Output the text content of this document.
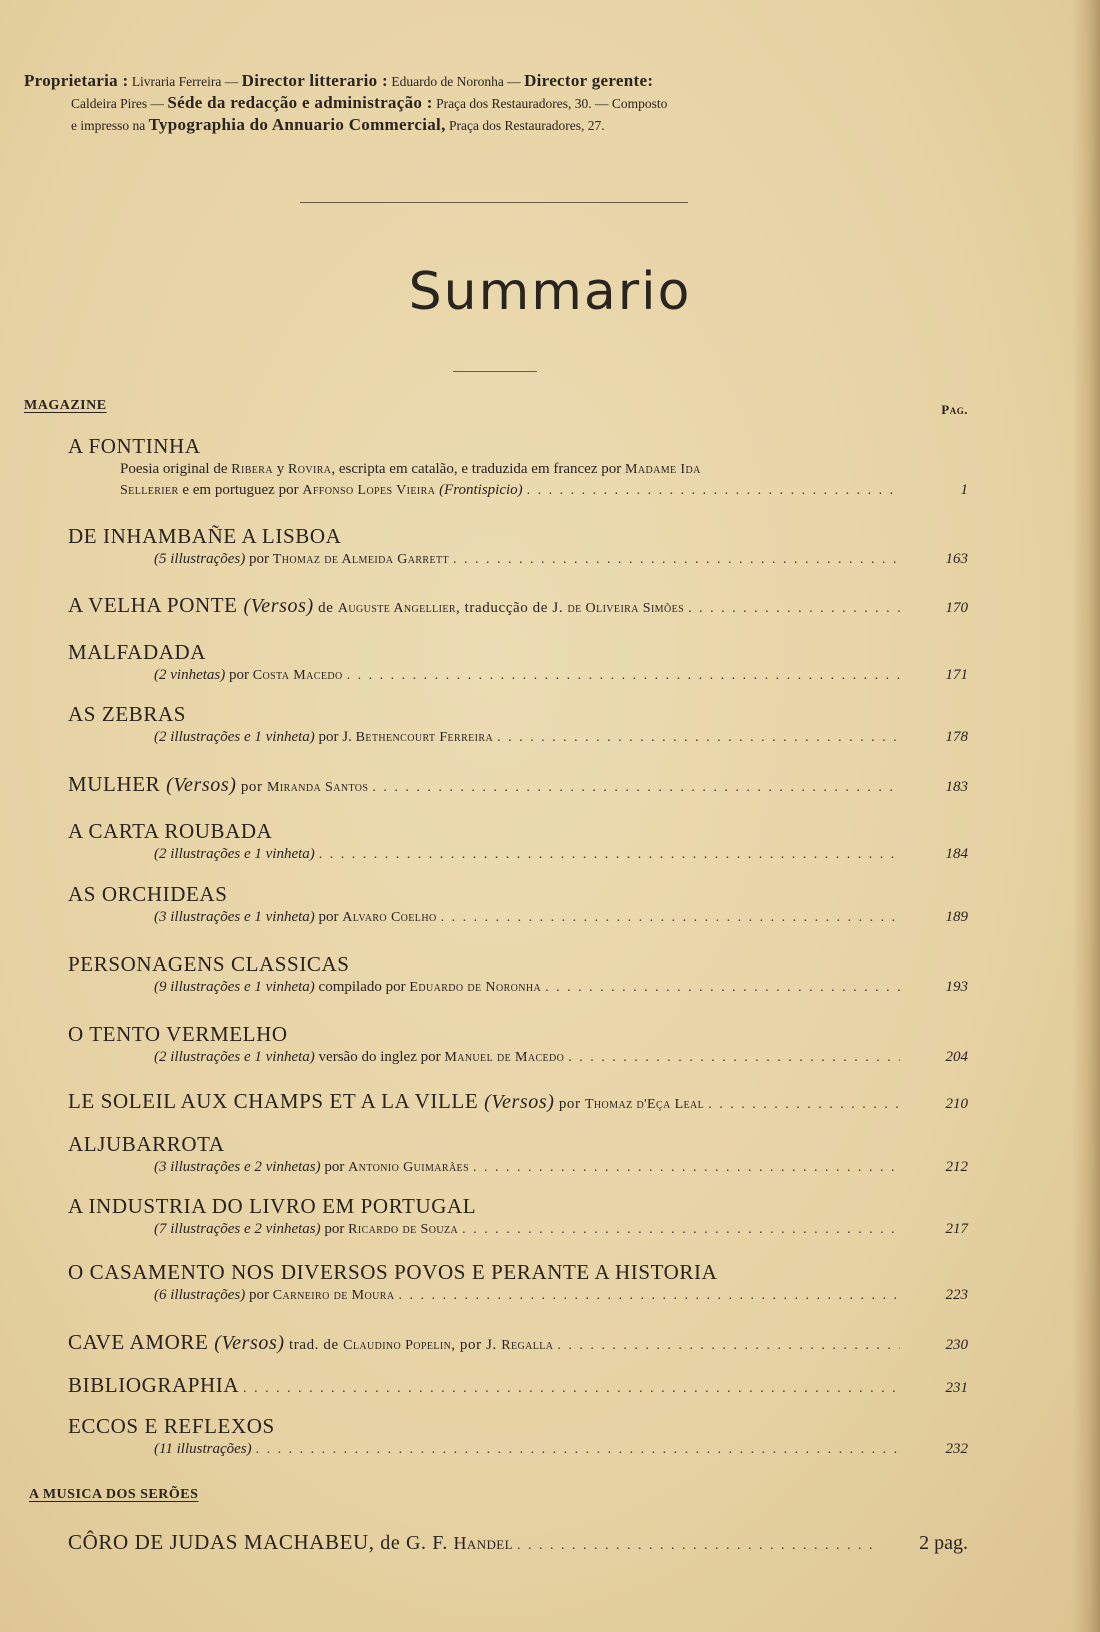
Proprietaria : Livraria Ferreira — Director litterario : Eduardo de Noronha — Director gerente:
Caldeira Pires — Séde da redacção e administração : Praça dos Restauradores, 30. — Composto
e impresso na Typographia do Annuario Commercial, Praça dos Restauradores, 27.
Summario
MAGAZINE	Pag.
A FONTINHA
Poesia original de Ribera y Rovira, escripta em catalão, e traduzida em francez por Madame Ida
Sellerier e em portuguez por Affonso Lopes Vieira (Frontispicio) . . .	1
DE INHAMBAÑE A LISBOA
(5 illustrações) por Thomaz de Almeida Garrett . . .	163
A VELHA PONTE (Versos) de Auguste Angellier, traducção de J. de Oliveira Simões . . .	170
MALFADADA
(2 vinhetas) por Costa Macedo . . .	171
AS ZEBRAS
(2 illustrações e 1 vinheta) por J. Bethencourt Ferreira . . .	178
MULHER (Versos) por Miranda Santos . . .	183
A CARTA ROUBADA
(2 illustrações e 1 vinheta) . . .	184
AS ORCHIDEAS
(3 illustrações e 1 vinheta) por Alvaro Coelho . . .	189
PERSONAGENS CLASSICAS
(9 illustrações e 1 vinheta) compilado por Eduardo de Noronha . . .	193
O TENTO VERMELHO
(2 illustrações e 1 vinheta) versão do inglez por Manuel de Macedo . . .	204
LE SOLEIL AUX CHAMPS ET A LA VILLE (Versos) por Thomaz d'Eça Leal . . .	210
ALJUBARROTA
(3 illustrações e 2 vinhetas) por Antonio Guimarães . . .	212
A INDUSTRIA DO LIVRO EM PORTUGAL
(7 illustrações e 2 vinhetas) por Ricardo de Souza . . .	217
O CASAMENTO NOS DIVERSOS POVOS E PERANTE A HISTORIA
(6 illustrações) por Carneiro de Moura . . .	223
CAVE AMORE (Versos) trad. de Claudino Popelin, por J. Regalla . . .	230
BIBLIOGRAPHIA . . .	231
ECCOS E REFLEXOS
(11 illustrações) . . .	232
A MUSICA DOS SERÕES
CÔRO DE JUDAS MACHABEU, de G. F. Handel . . .	2 pag.
